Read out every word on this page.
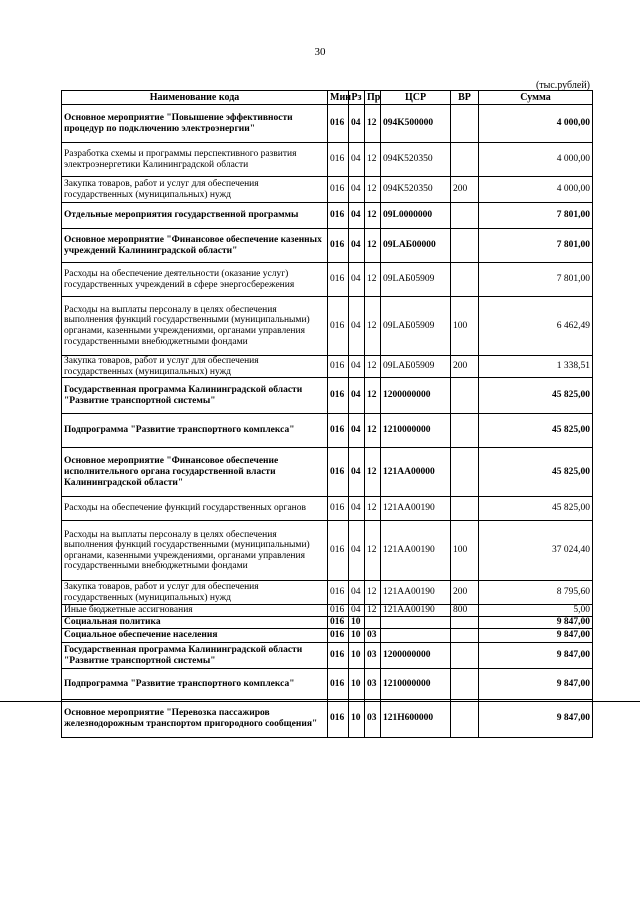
30
(тыс.рублей)
Наименование кода	Мин	Рз	Пр	ЦСР	ВР	Сумма
Основное мероприятие "Повышение эффективности процедур по подключению электроэнергии"	016	04	12	094K500000		4 000,00
Разработка схемы и программы перспективного развития электроэнергетики Калининградской области	016	04	12	094K520350		4 000,00
Закупка товаров, работ и услуг для обеспечения государственных (муниципальных) нужд	016	04	12	094K520350	200	4 000,00
Отдельные мероприятия государственной программы	016	04	12	09L0000000		7 801,00
Основное мероприятие "Финансовое обеспечение казенных учреждений Калининградской области"	016	04	12	09LАБ00000		7 801,00
Расходы на обеспечение деятельности (оказание услуг) государственных учреждений в сфере энергосбережения	016	04	12	09LАБ05909		7 801,00
Расходы на выплаты персоналу в целях обеспечения выполнения функций государственными (муниципальными) органами, казенными учреждениями, органами управления государственными внебюджетными фондами	016	04	12	09LАБ05909	100	6 462,49
Закупка товаров, работ и услуг для обеспечения государственных (муниципальных) нужд	016	04	12	09LАБ05909	200	1 338,51
Государственная программа Калининградской области "Развитие транспортной системы"	016	04	12	1200000000		45 825,00
Подпрограмма "Развитие транспортного комплекса"	016	04	12	1210000000		45 825,00
Основное мероприятие "Финансовое обеспечение исполнительного органа государственной власти Калининградской области"	016	04	12	121АА00000		45 825,00
Расходы на обеспечение функций государственных органов	016	04	12	121АА00190		45 825,00
Расходы на выплаты персоналу в целях обеспечения выполнения функций государственными (муниципальными) органами, казенными учреждениями, органами управления государственными внебюджетными фондами	016	04	12	121АА00190	100	37 024,40
Закупка товаров, работ и услуг для обеспечения государственных (муниципальных) нужд	016	04	12	121АА00190	200	8 795,60
Иные бюджетные ассигнования	016	04	12	121АА00190	800	5,00
Социальная политика	016	10				9 847,00
Социальное обеспечение населения	016	10	03			9 847,00
Государственная программа Калининградской области "Развитие транспортной системы"	016	10	03	1200000000		9 847,00
Подпрограмма "Развитие транспортного комплекса"	016	10	03	1210000000		9 847,00
Основное мероприятие "Перевозка пассажиров железнодорожным транспортом пригородного сообщения"	016	10	03	121Н600000		9 847,00
